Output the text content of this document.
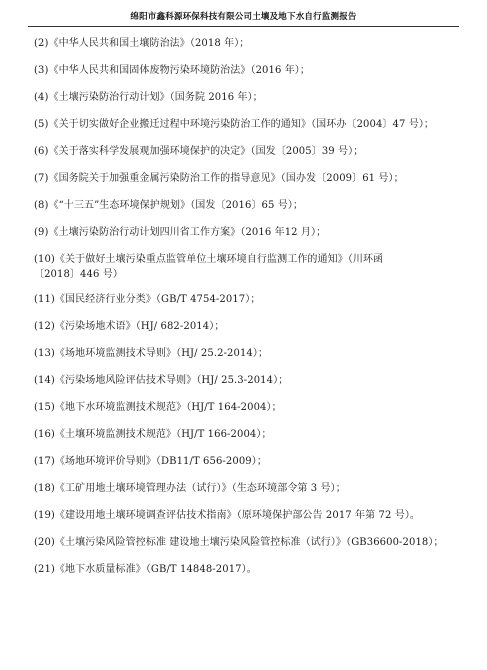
绵阳市鑫科源环保科技有限公司土壤及地下水自行监测报告
(2)《中华人民共和国土壤防治法》（2018 年）；
(3)《中华人民共和国固体废物污染环境防治法》（2016 年）；
(4)《土壤污染防治行动计划》（国务院 2016 年）；
(5)《关于切实做好企业搬迁过程中环境污染防治工作的通知》（国环办〔2004〕47 号）；
(6)《关于落实科学发展观加强环境保护的决定》（国发〔2005〕39 号）；
(7)《国务院关于加强重金属污染防治工作的指导意见》（国办发〔2009〕61 号）；
(8)《“十三五”生态环境保护规划》（国发〔2016〕65 号）；
(9)《土壤污染防治行动计划四川省工作方案》（2016 年12 月）；
(10)《关于做好土壤污染重点监管单位土壤环境自行监测工作的通知》（川环函
〔2018〕446 号）
(11)《国民经济行业分类》（GB/T 4754-2017）；
(12)《污染场地术语》（HJ/ 682-2014）；
(13)《场地环境监测技术导则》（HJ/ 25.2-2014）；
(14)《污染场地风险评估技术导则》（HJ/ 25.3-2014）；
(15)《地下水环境监测技术规范》（HJ/T 164-2004）；
(16)《土壤环境监测技术规范》（HJ/T 166-2004）；
(17)《场地环境评价导则》（DB11/T 656-2009）；
(18)《工矿用地土壤环境管理办法（试行）》（生态环境部令第 3 号）；
(19)《建设用地土壤环境调查评估技术指南》（原环境保护部公告 2017 年第 72 号）。
(20)《土壤污染风险管控标准 建设地土壤污染风险管控标准（试行）》（GB36600-2018）；
(21)《地下水质量标准》（GB/T 14848-2017）。
